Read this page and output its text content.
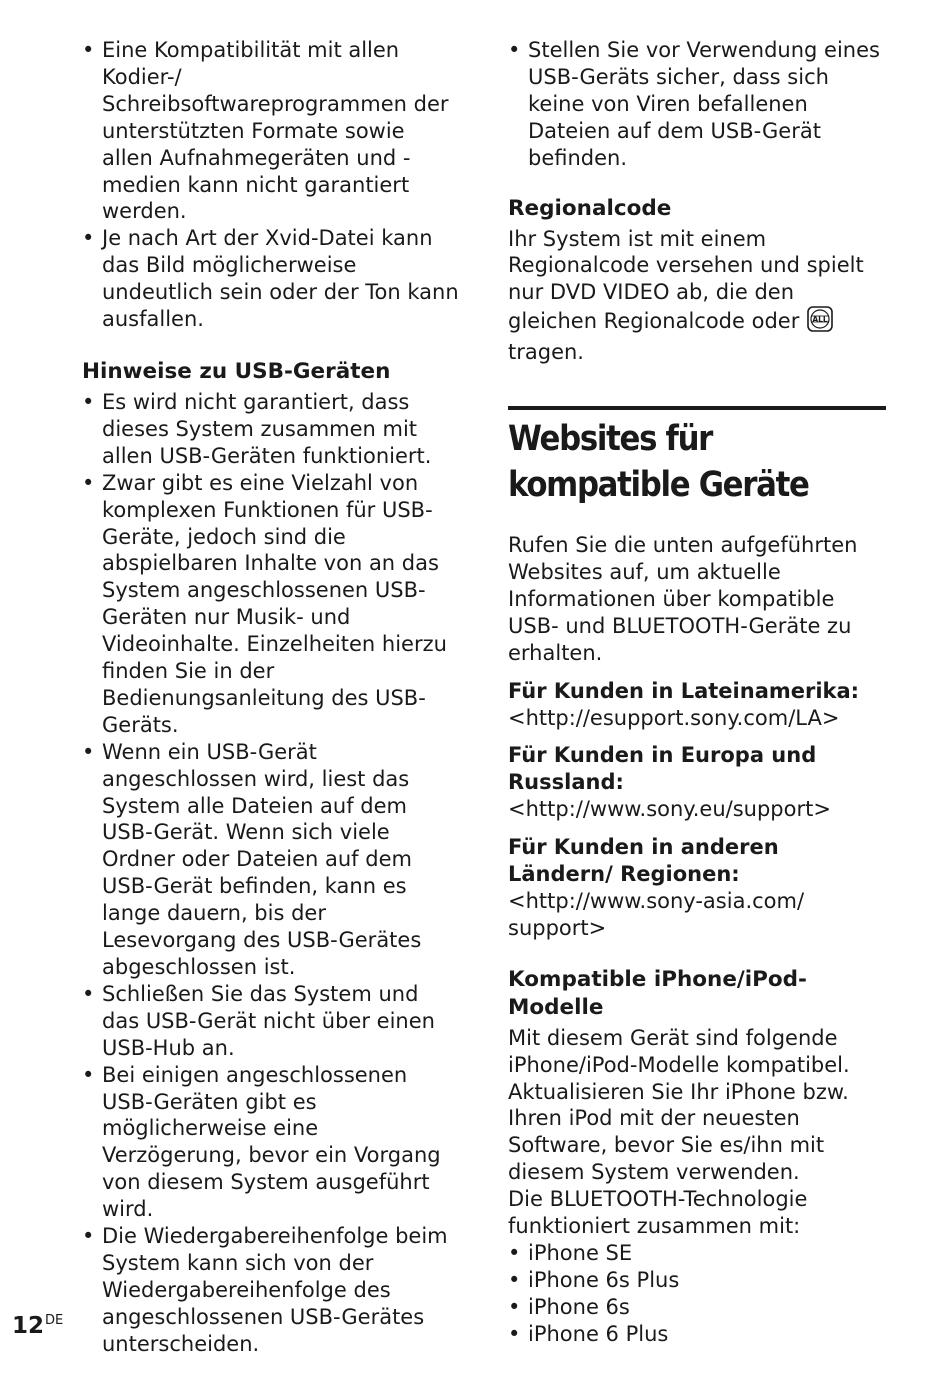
• Eine Kompatibilität mit allen Kodier-/ Schreibsoftwareprogrammen der unterstützten Formate sowie allen Aufnahmegeräten und -medien kann nicht garantiert werden.
• Je nach Art der Xvid-Datei kann das Bild möglicherweise undeutlich sein oder der Ton kann ausfallen.
Hinweise zu USB-Geräten
• Es wird nicht garantiert, dass dieses System zusammen mit allen USB-Geräten funktioniert.
• Zwar gibt es eine Vielzahl von komplexen Funktionen für USB-Geräte, jedoch sind die abspielbaren Inhalte von an das System angeschlossenen USB-Geräten nur Musik- und Videoinhalte. Einzelheiten hierzu finden Sie in der Bedienungsanleitung des USB-Geräts.
• Wenn ein USB-Gerät angeschlossen wird, liest das System alle Dateien auf dem USB-Gerät. Wenn sich viele Ordner oder Dateien auf dem USB-Gerät befinden, kann es lange dauern, bis der Lesevorgang des USB-Gerätes abgeschlossen ist.
• Schließen Sie das System und das USB-Gerät nicht über einen USB-Hub an.
• Bei einigen angeschlossenen USB-Geräten gibt es möglicherweise eine Verzögerung, bevor ein Vorgang von diesem System ausgeführt wird.
• Die Wiedergabereihenfolge beim System kann sich von der Wiedergabereihenfolge des angeschlossenen USB-Gerätes unterscheiden.
• Stellen Sie vor Verwendung eines USB-Geräts sicher, dass sich keine von Viren befallenen Dateien auf dem USB-Gerät befinden.
Regionalcode

Ihr System ist mit einem Regionalcode versehen und spielt nur DVD VIDEO ab, die den gleichen Regionalcode oder ALL
tragen.

Websites für
kompatible Geräte

Rufen Sie die unten aufgeführten Websites auf, um aktuelle Informationen über kompatible USB- und BLUETOOTH-Geräte zu erhalten.

Für Kunden in Lateinamerika:
<http://esupport.sony.com/LA>
Für Kunden in Europa und Russland:
<http://www.sony.eu/support>
Für Kunden in anderen Ländern/ Regionen:
<http://www.sony-asia.com/ support>
Kompatible iPhone/iPod-Modelle

Mit diesem Gerät sind folgende iPhone/iPod-Modelle kompatibel. Aktualisieren Sie Ihr iPhone bzw. Ihren iPod mit der neuesten Software, bevor Sie es/ihn mit diesem System verwenden.

Die BLUETOOTH-Technologie funktioniert zusammen mit:

• iPhone SE
• iPhone 6s Plus
• iPhone 6s
• iPhone 6 Plus
12DE
